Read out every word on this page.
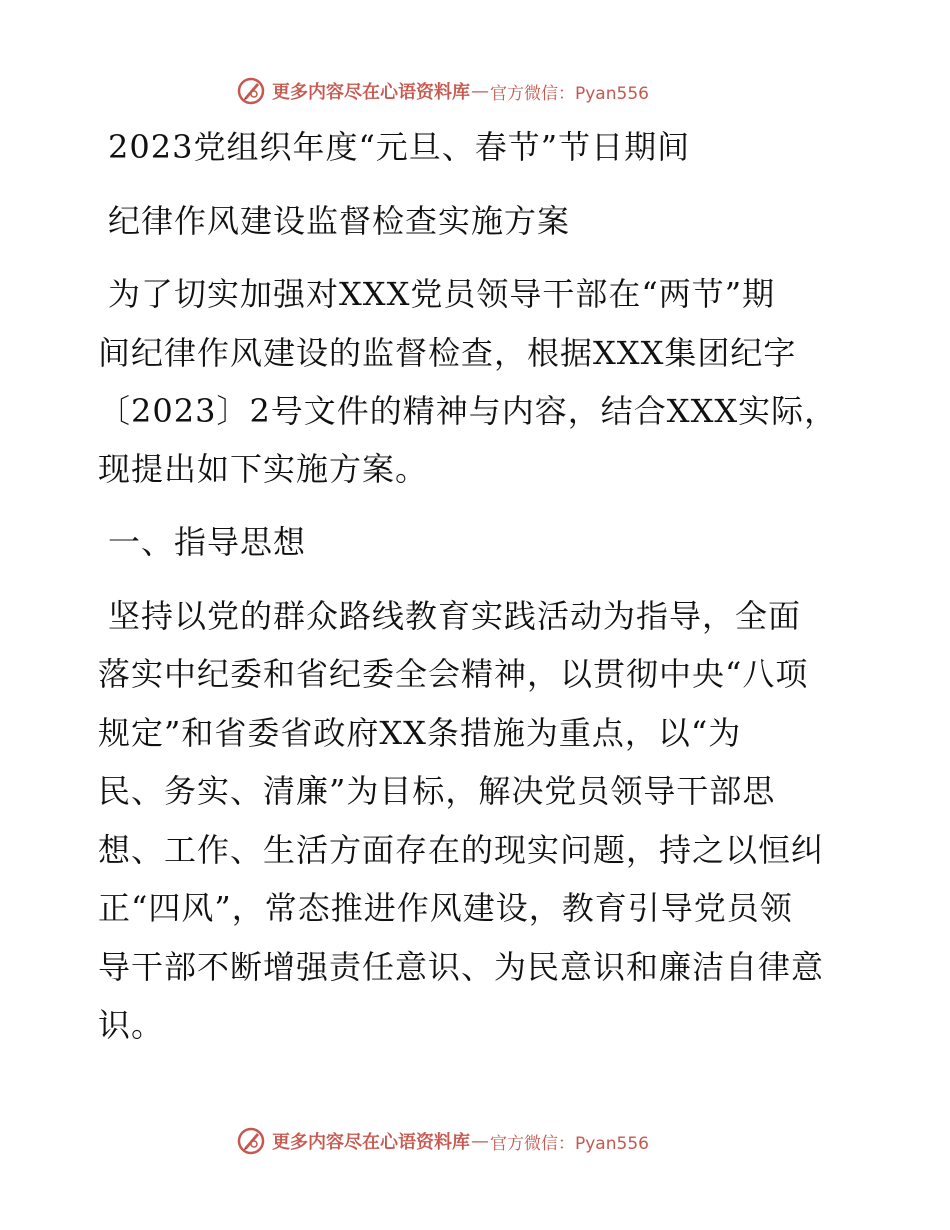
更多内容尽在心语资料库 — 官方微信：Pyan556
2023党组织年度“元旦、春节”节日期间
纪律作风建设监督检查实施方案
为了切实加强对XXX党员领导干部在“两节”期
间纪律作风建设的监督检查，根据XXX集团纪字
〔2023〕2号文件的精神与内容，结合XXX实际，
现提出如下实施方案。
一、指导思想
坚持以党的群众路线教育实践活动为指导，全面
落实中纪委和省纪委全会精神，以贯彻中央“八项
规定”和省委省政府XX条措施为重点，以“为
民、务实、清廉”为目标，解决党员领导干部思
想、工作、生活方面存在的现实问题，持之以恒纠
正“四风”，常态推进作风建设，教育引导党员领
导干部不断增强责任意识、为民意识和廉洁自律意
识。
更多内容尽在心语资料库 — 官方微信：Pyan556
